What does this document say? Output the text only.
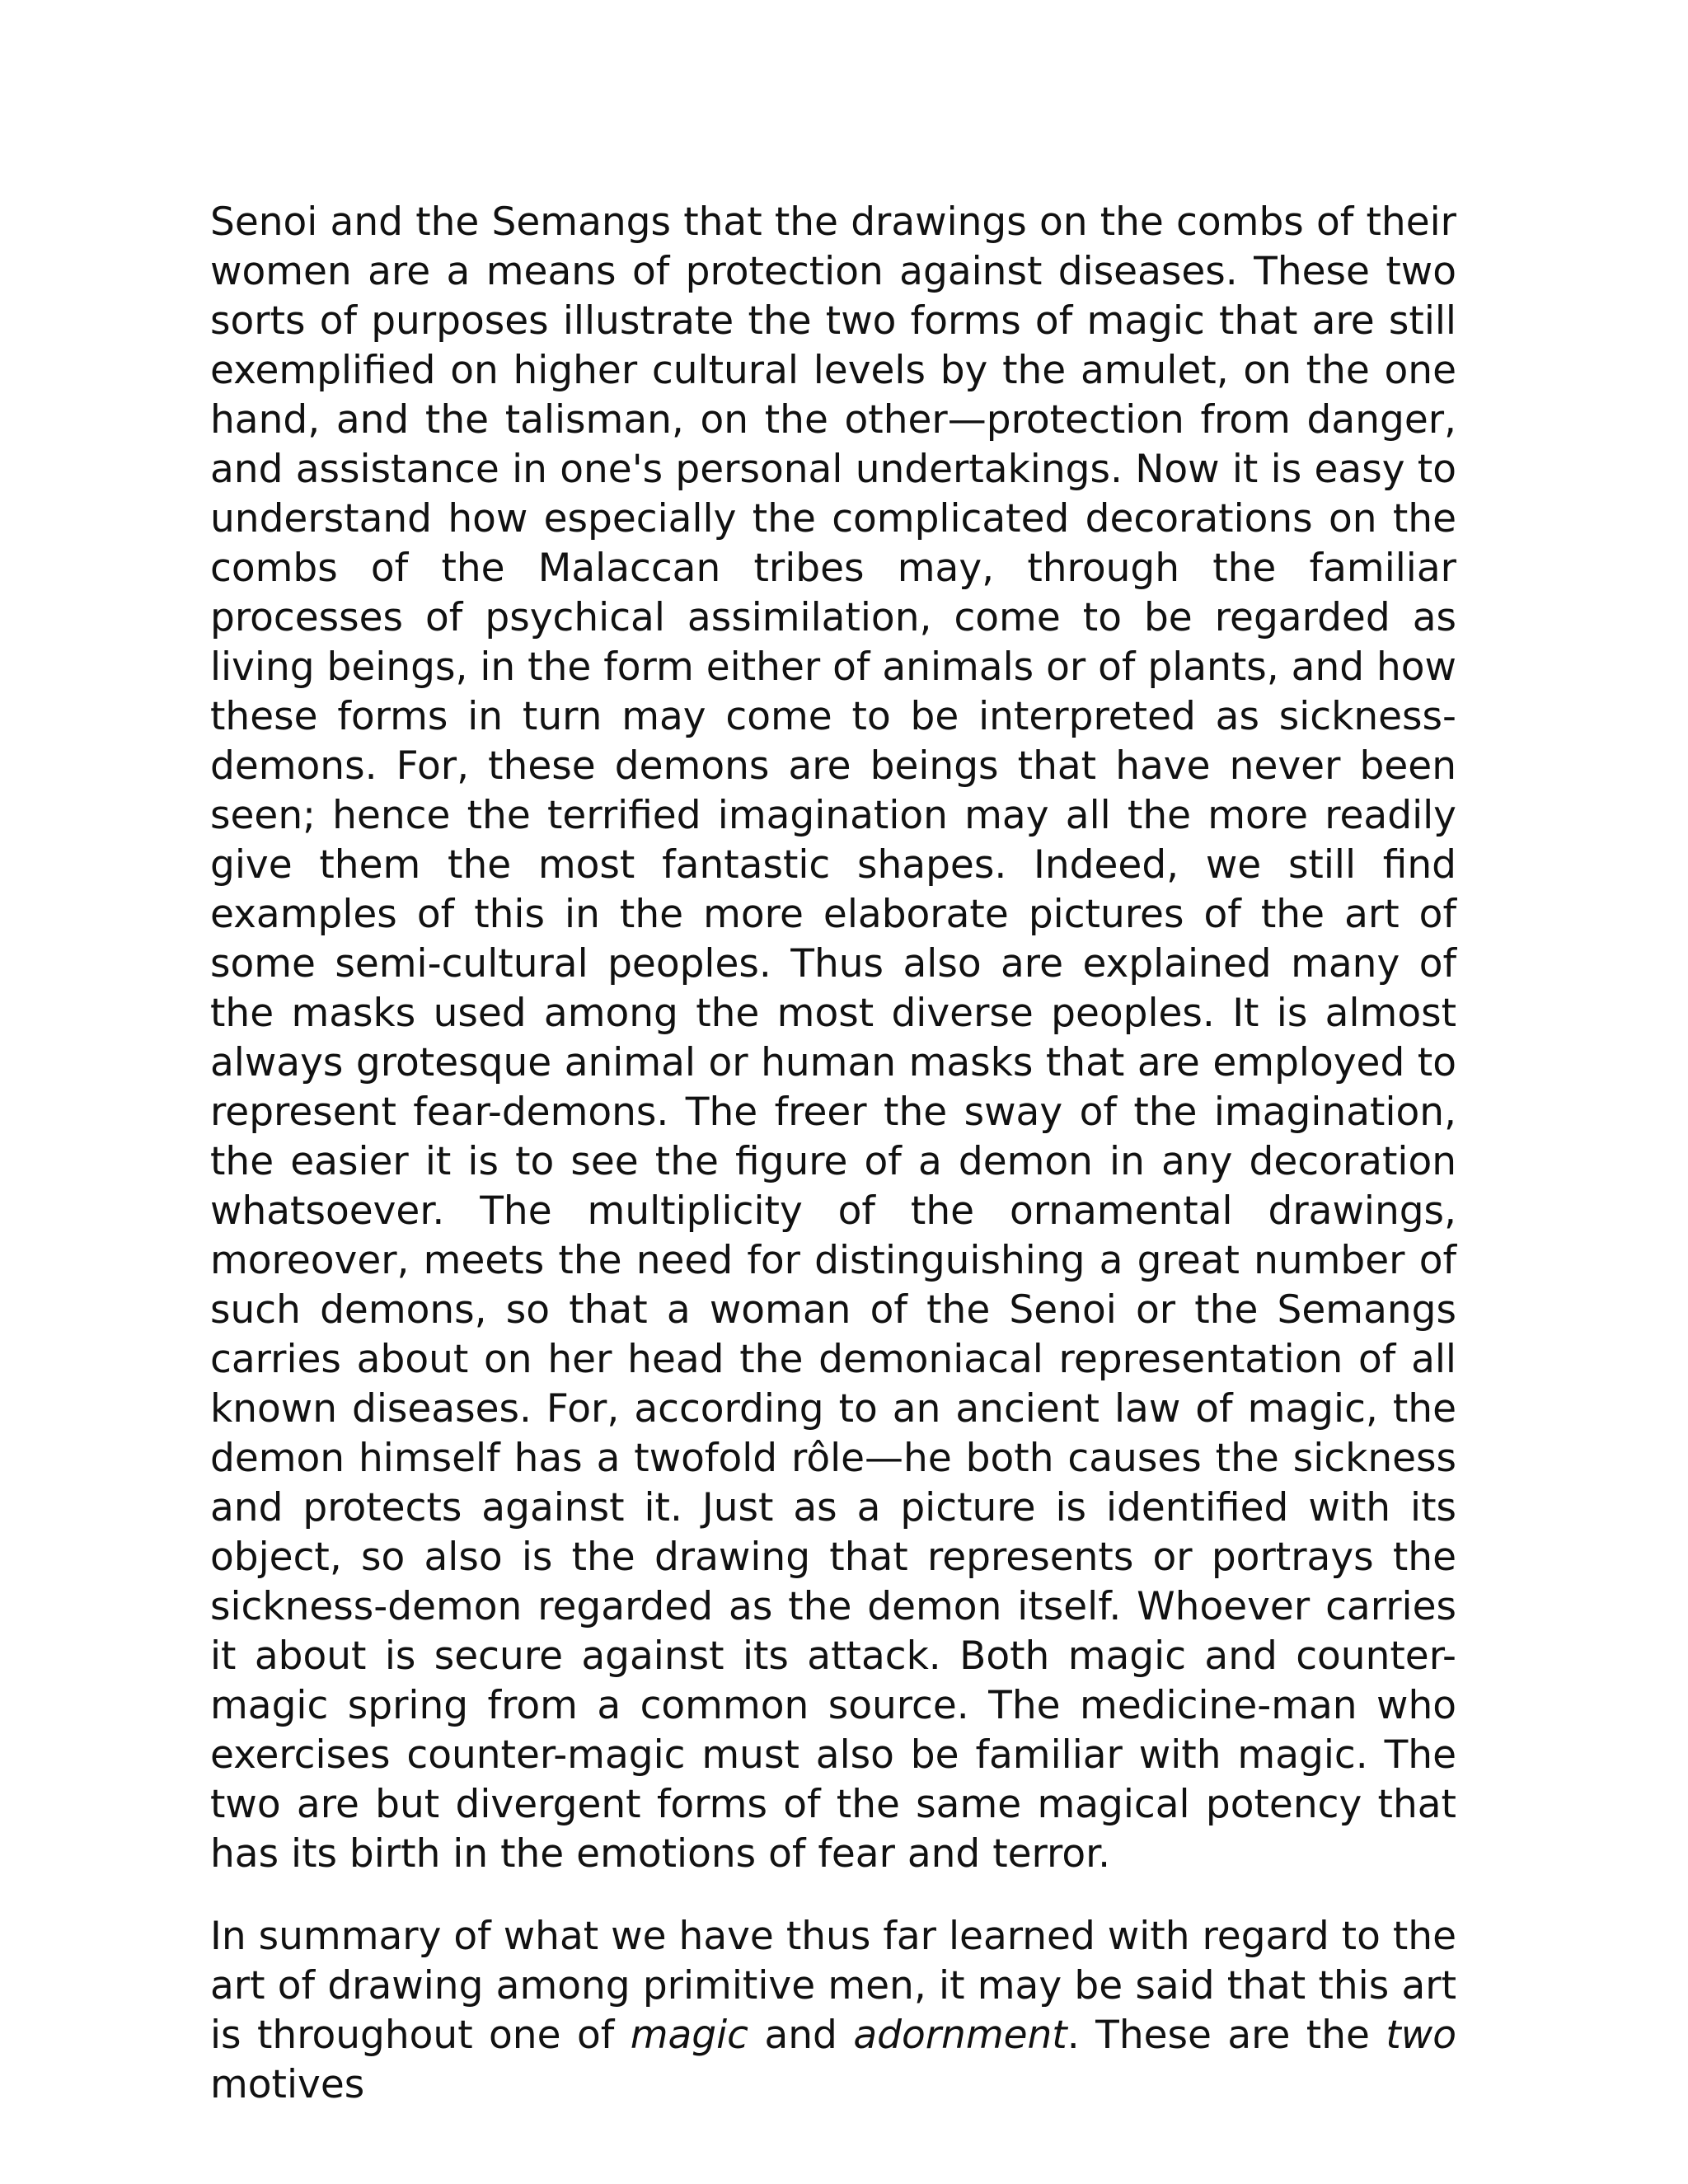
Senoi and the Semangs that the drawings on the combs of their women are a means of protection against diseases. These two sorts of purposes illustrate the two forms of magic that are still exemplified on higher cultural levels by the amulet, on the one hand, and the talisman, on the other—protection from danger, and assistance in one's personal undertakings. Now it is easy to understand how especially the complicated decorations on the combs of the Malaccan tribes may, through the familiar processes of psychical assimilation, come to be regarded as living beings, in the form either of animals or of plants, and how these forms in turn may come to be interpreted as sickness-demons. For, these demons are beings that have never been seen; hence the terrified imagination may all the more readily give them the most fantastic shapes. Indeed, we still find examples of this in the more elaborate pictures of the art of some semi-cultural peoples. Thus also are explained many of the masks used among the most diverse peoples. It is almost always grotesque animal or human masks that are employed to represent fear-demons. The freer the sway of the imagination, the easier it is to see the figure of a demon in any decoration whatsoever. The multiplicity of the ornamental drawings, moreover, meets the need for distinguishing a great number of such demons, so that a woman of the Senoi or the Semangs carries about on her head the demoniacal representation of all known diseases. For, according to an ancient law of magic, the demon himself has a twofold rôle—he both causes the sickness and protects against it. Just as a picture is identified with its object, so also is the drawing that represents or portrays the sickness-demon regarded as the demon itself. Whoever carries it about is secure against its attack. Both magic and counter-magic spring from a common source. The medicine-man who exercises counter-magic must also be familiar with magic. The two are but divergent forms of the same magical potency that has its birth in the emotions of fear and terror.

In summary of what we have thus far learned with regard to the art of drawing among primitive men, it may be said that this art is throughout one of magic and adornment. These are the two motives
